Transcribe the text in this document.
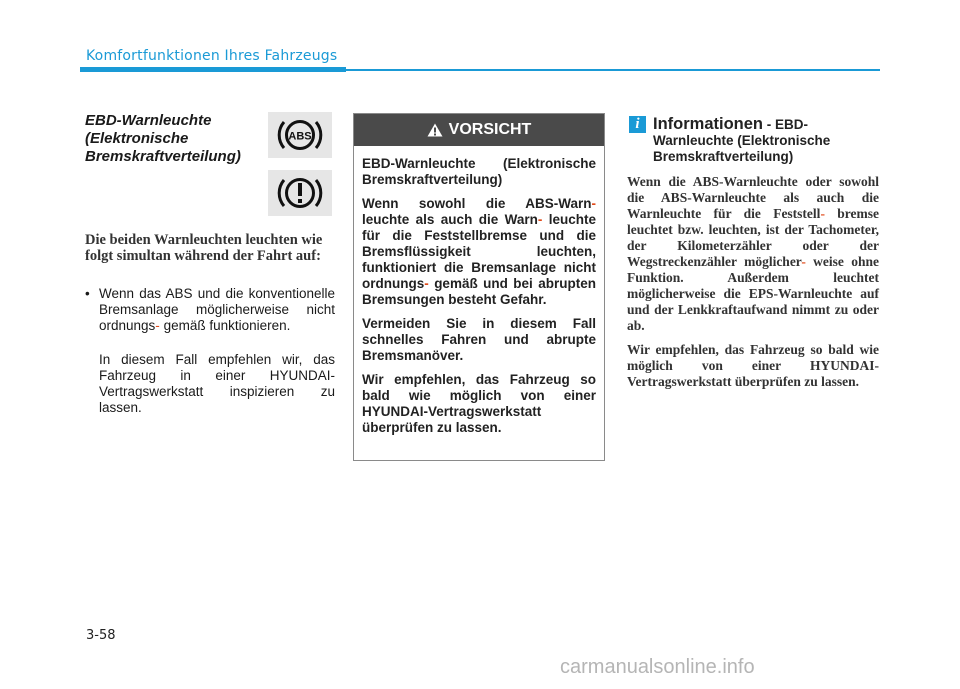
Komfortfunktionen Ihres Fahrzeugs
EBD-Warnleuchte (Elektronische Bremskraftverteilung)
ABS
Die beiden Warnleuchten leuchten wie folgt simultan während der Fahrt auf:
• Wenn das ABS und die konventionelle Bremsanlage möglicherweise nicht ordnungs- gemäß funktionieren.
In diesem Fall empfehlen wir, das Fahrzeug in einer HYUNDAI-Vertragswerkstatt inspizieren zu lassen.
VORSICHT

EBD-Warnleuchte (Elektronische Bremskraftverteilung)

Wenn sowohl die ABS-Warn- leuchte als auch die Warn- leuchte für die Feststellbremse und die Bremsflüssigkeit leuchten, funktioniert die Bremsanlage nicht ordnungs- gemäß und bei abrupten Bremsungen besteht Gefahr.

Vermeiden Sie in diesem Fall schnelles Fahren und abrupte Bremsmanöver.

Wir empfehlen, das Fahrzeug so bald wie möglich von einer HYUNDAI-Vertragswerkstatt überprüfen zu lassen.

i Informationen - EBD-Warnleuchte (Elektronische Bremskraftverteilung)

Wenn die ABS-Warnleuchte oder sowohl die ABS-Warnleuchte als auch die Warnleuchte für die Feststell- bremse leuchtet bzw. leuchten, ist der Tachometer, der Kilometerzähler oder der Wegstreckenzähler möglicher- weise ohne Funktion. Außerdem leuchtet möglicherweise die EPS-Warnleuchte auf und der Lenkkraftaufwand nimmt zu oder ab.

Wir empfehlen, das Fahrzeug so bald wie möglich von einer HYUNDAI-Vertragswerkstatt überprüfen zu lassen.

3-58
carmanualsonline.info
